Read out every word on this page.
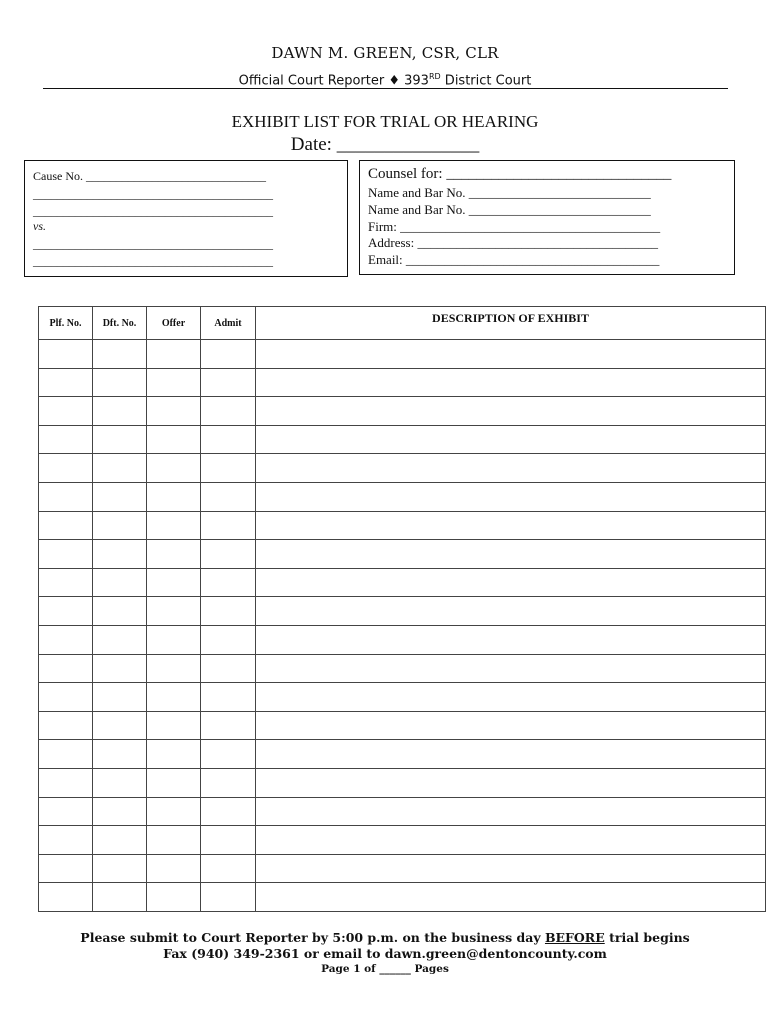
DAWN M. GREEN, CSR, CLR
Official Court Reporter ♦ 393RD District Court
EXHIBIT LIST FOR TRIAL OR HEARING
Date: _______________
Cause No. ______________________________
________________________________________
________________________________________
vs.
________________________________________
________________________________________
Counsel for: ______________________________
Name and Bar No. ____________________________
Name and Bar No. ____________________________
Firm: ________________________________________
Address: _____________________________________
Email: _______________________________________
Plf. No.	Dft. No.	Offer	Admit	DESCRIPTION OF EXHIBIT

Please submit to Court Reporter by 5:00 p.m. on the business day BEFORE trial begins
Fax (940) 349-2361 or email to dawn.green@dentoncounty.com
Page 1 of ______ Pages
